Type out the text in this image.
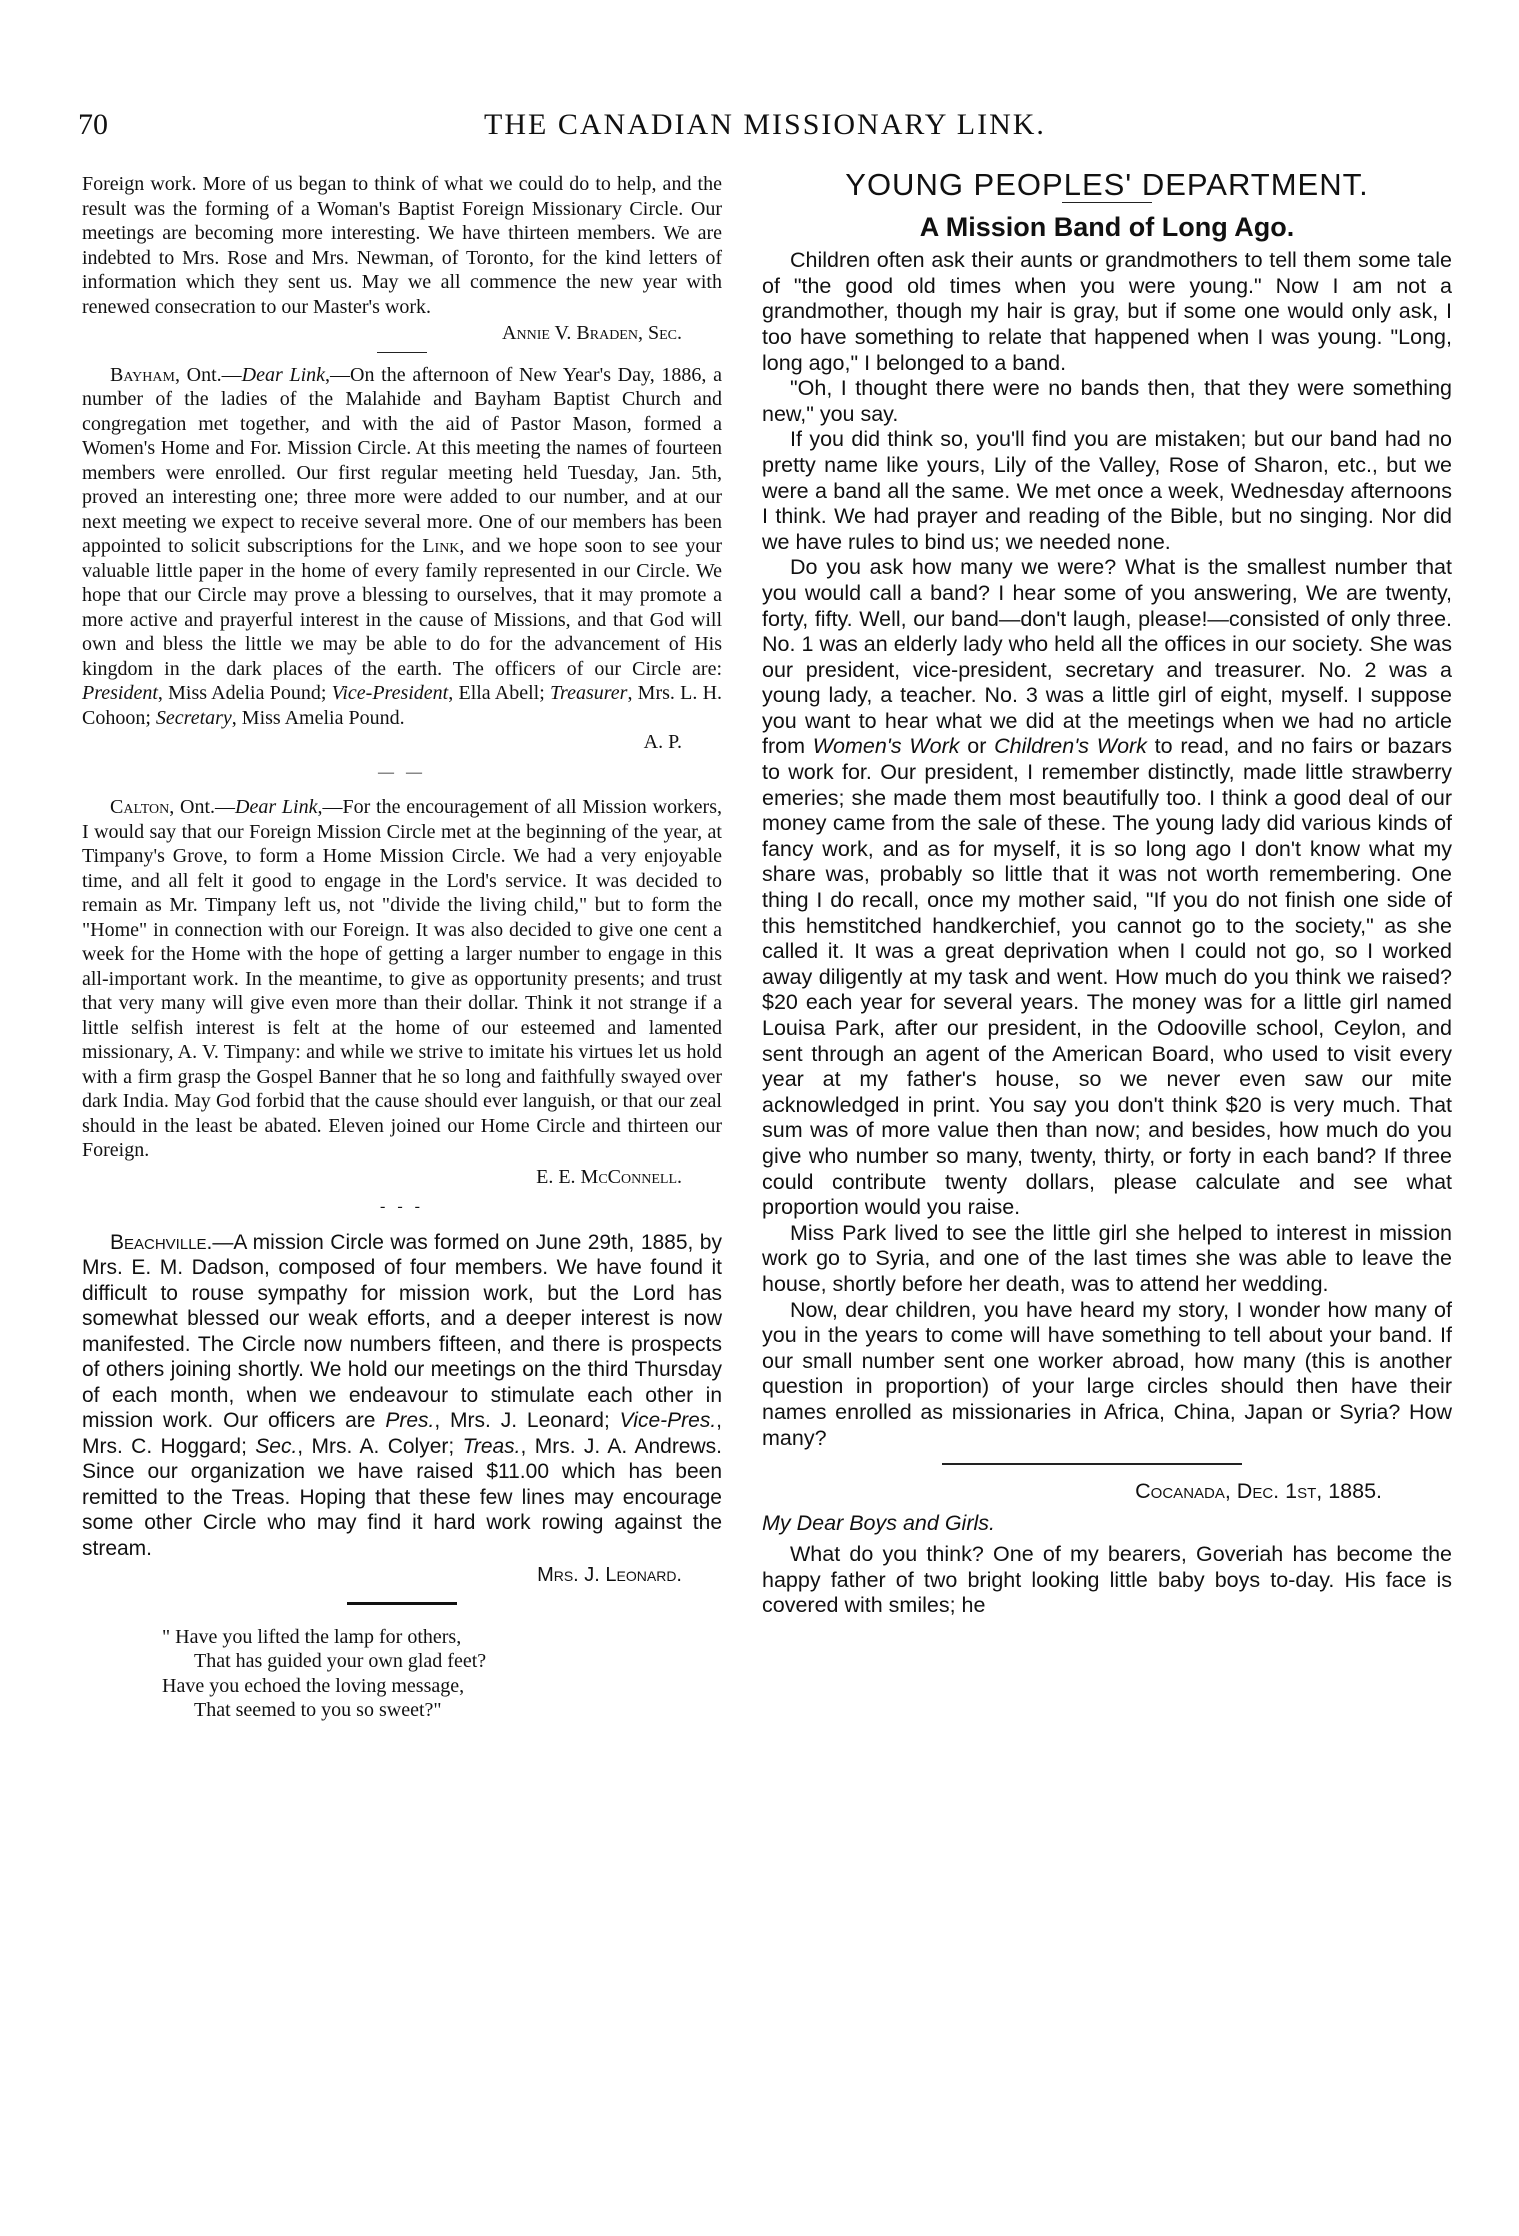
70	THE CANADIAN MISSIONARY LINK.

Foreign work. More of us began to think of what we could do to help, and the result was the forming of a Woman's Baptist Foreign Missionary Circle. Our meetings are becoming more interesting. We have thirteen members. We are indebted to Mrs. Rose and Mrs. Newman, of Toronto, for the kind letters of information which they sent us. May we all commence the new year with renewed consecration to our Master's work.

Annie V. Braden, Sec.

Bayham, Ont.—Dear Link,—On the afternoon of New Year's Day, 1886, a number of the ladies of the Malahide and Bayham Baptist Church and congregation met together, and with the aid of Pastor Mason, formed a Women's Home and For. Mission Circle. At this meeting the names of fourteen members were enrolled. Our first regular meeting held Tuesday, Jan. 5th, proved an interesting one; three more were added to our number, and at our next meeting we expect to receive several more. One of our members has been appointed to solicit subscriptions for the Link, and we hope soon to see your valuable little paper in the home of every family represented in our Circle. We hope that our Circle may prove a blessing to ourselves, that it may promote a more active and prayerful interest in the cause of Missions, and that God will own and bless the little we may be able to do for the advancement of His kingdom in the dark places of the earth. The officers of our Circle are: President, Miss Adelia Pound; Vice-President, Ella Abell; Treasurer, Mrs. L. H. Cohoon; Secretary, Miss Amelia Pound.

A. P.
— —

Calton, Ont.—Dear Link,—For the encouragement of all Mission workers, I would say that our Foreign Mission Circle met at the beginning of the year, at Timpany's Grove, to form a Home Mission Circle. We had a very enjoyable time, and all felt it good to engage in the Lord's service. It was decided to remain as Mr. Timpany left us, not "divide the living child," but to form the "Home" in connection with our Foreign. It was also decided to give one cent a week for the Home with the hope of getting a larger number to engage in this all-important work. In the meantime, to give as opportunity presents; and trust that very many will give even more than their dollar. Think it not strange if a little selfish interest is felt at the home of our esteemed and lamented missionary, A. V. Timpany: and while we strive to imitate his virtues let us hold with a firm grasp the Gospel Banner that he so long and faithfully swayed over dark India. May God forbid that the cause should ever languish, or that our zeal should in the least be abated. Eleven joined our Home Circle and thirteen our Foreign.

E. E. McConnell.
- - -

Beachville.—A mission Circle was formed on June 29th, 1885, by Mrs. E. M. Dadson, composed of four members. We have found it difficult to rouse sympathy for mission work, but the Lord has somewhat blessed our weak efforts, and a deeper interest is now manifested. The Circle now numbers fifteen, and there is prospects of others joining shortly. We hold our meetings on the third Thursday of each month, when we endeavour to stimulate each other in mission work. Our officers are Pres., Mrs. J. Leonard; Vice-Pres., Mrs. C. Hoggard; Sec., Mrs. A. Colyer; Treas., Mrs. J. A. Andrews. Since our organization we have raised $11.00 which has been remitted to the Treas. Hoping that these few lines may encourage some other Circle who may find it hard work rowing against the stream.

Mrs. J. Leonard.
" Have you lifted the lamp for others,
That has guided your own glad feet?
Have you echoed the loving message,
That seemed to you so sweet?"
YOUNG PEOPLES' DEPARTMENT.
A Mission Band of Long Ago.

Children often ask their aunts or grandmothers to tell them some tale of "the good old times when you were young." Now I am not a grandmother, though my hair is gray, but if some one would only ask, I too have something to relate that happened when I was young. "Long, long ago," I belonged to a band.

"Oh, I thought there were no bands then, that they were something new," you say.

If you did think so, you'll find you are mistaken; but our band had no pretty name like yours, Lily of the Valley, Rose of Sharon, etc., but we were a band all the same. We met once a week, Wednesday afternoons I think. We had prayer and reading of the Bible, but no singing. Nor did we have rules to bind us; we needed none.

Do you ask how many we were? What is the smallest number that you would call a band? I hear some of you answering, We are twenty, forty, fifty. Well, our band—don't laugh, please!—consisted of only three. No. 1 was an elderly lady who held all the offices in our society. She was our president, vice-president, secretary and treasurer. No. 2 was a young lady, a teacher. No. 3 was a little girl of eight, myself. I suppose you want to hear what we did at the meetings when we had no article from Women's Work or Children's Work to read, and no fairs or bazars to work for. Our president, I remember distinctly, made little strawberry emeries; she made them most beautifully too. I think a good deal of our money came from the sale of these. The young lady did various kinds of fancy work, and as for myself, it is so long ago I don't know what my share was, probably so little that it was not worth remembering. One thing I do recall, once my mother said, "If you do not finish one side of this hemstitched handkerchief, you cannot go to the society," as she called it. It was a great deprivation when I could not go, so I worked away diligently at my task and went. How much do you think we raised? $20 each year for several years. The money was for a little girl named Louisa Park, after our president, in the Odooville school, Ceylon, and sent through an agent of the American Board, who used to visit every year at my father's house, so we never even saw our mite acknowledged in print. You say you don't think $20 is very much. That sum was of more value then than now; and besides, how much do you give who number so many, twenty, thirty, or forty in each band? If three could contribute twenty dollars, please calculate and see what proportion would you raise.

Miss Park lived to see the little girl she helped to interest in mission work go to Syria, and one of the last times she was able to leave the house, shortly before her death, was to attend her wedding.

Now, dear children, you have heard my story, I wonder how many of you in the years to come will have something to tell about your band. If our small number sent one worker abroad, how many (this is another question in proportion) of your large circles should then have their names enrolled as missionaries in Africa, China, Japan or Syria? How many?

Cocanada, Dec. 1st, 1885.

My Dear Boys and Girls.

What do you think? One of my bearers, Goveriah has become the happy father of two bright looking little baby boys to-day. His face is covered with smiles; he
